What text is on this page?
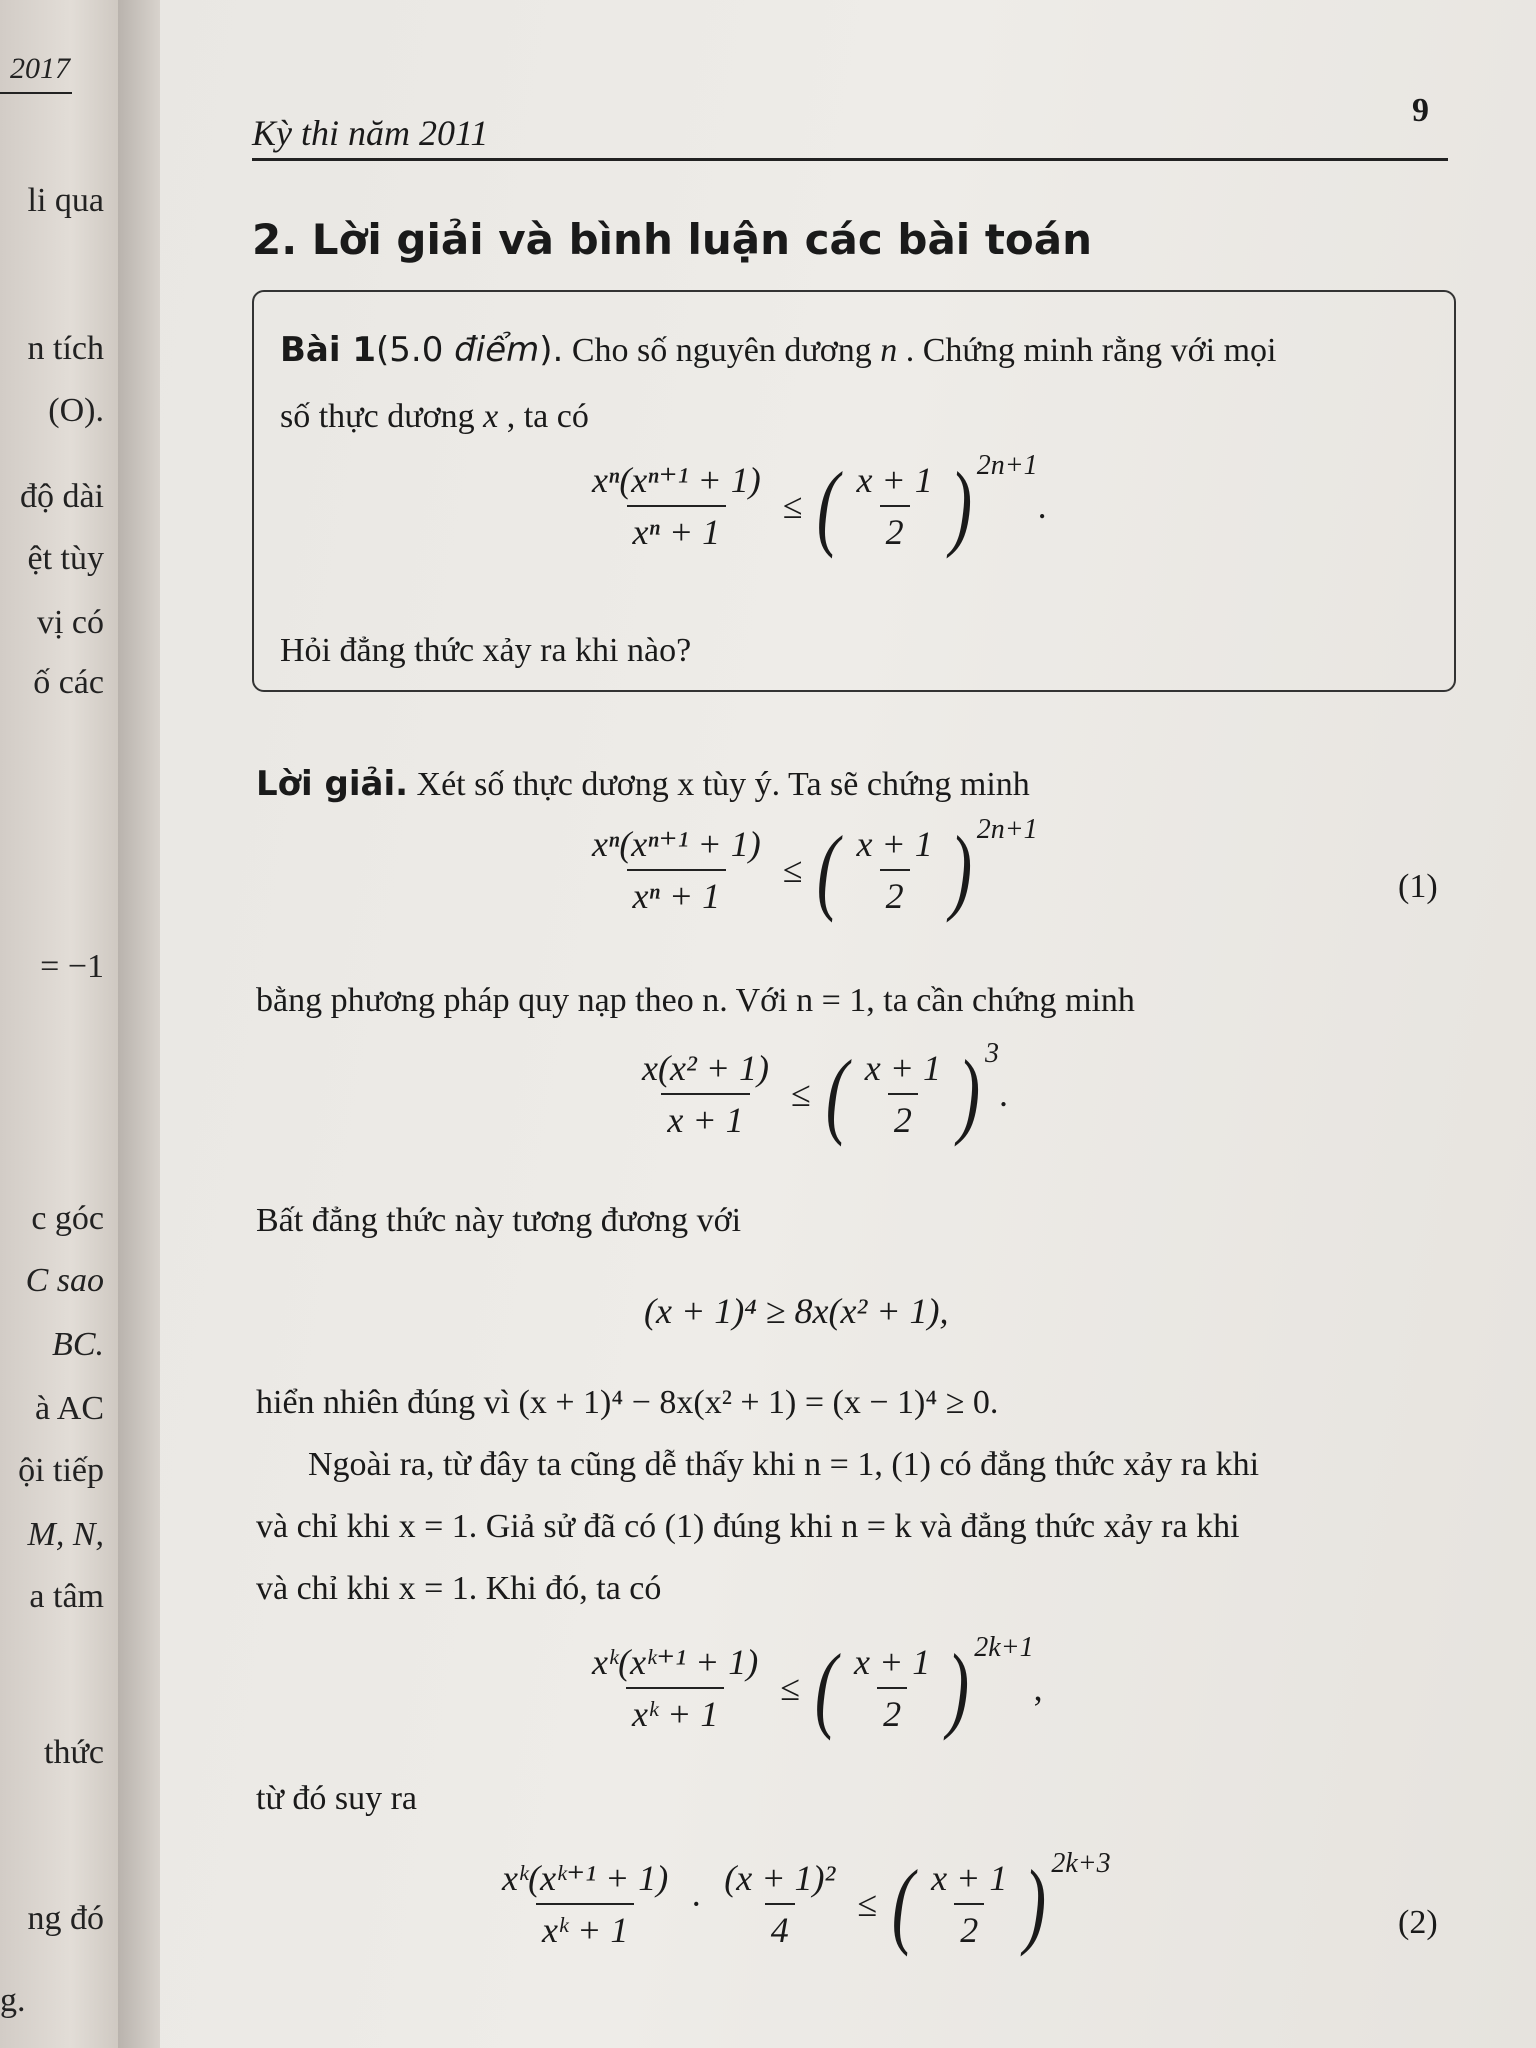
2017
li qua
n tích
(O).
độ dài
ệt tùy
vị có
ố các
= −1
c góc
C sao
BC.
à AC
ội tiếp
M, N,
a tâm
thức
ng đó
g.
Kỳ thi năm 2011
9
2. Lời giải và bình luận các bài toán
Bài 1(5.0 điểm). Cho số nguyên dương n . Chứng minh rằng với mọi
số thực dương x , ta có
$\frac{\text{xⁿ(xⁿ⁺¹ + 1)}}{\text{xⁿ + 1}}$ ≤ ( $\frac{x + 1}{2}$ ) 2n+1
.
Hỏi đẳng thức xảy ra khi nào?
Lời giải. Xét số thực dương x tùy ý. Ta sẽ chứng minh
$\frac{\text{xⁿ(xⁿ⁺¹ + 1)}}{\text{xⁿ + 1}}$ ≤ ( $\frac{x + 1}{2}$ ) 2n+1
(1)
bằng phương pháp quy nạp theo n. Với n = 1, ta cần chứng minh
$\frac{\text{x(x² + 1)}}{x + 1}$ ≤ ( $\frac{x + 1}{2}$ ) 3
.
Bất đẳng thức này tương đương với
(x + 1)⁴ ≥ 8x(x² + 1),
hiển nhiên đúng vì (x + 1)⁴ − 8x(x² + 1) = (x − 1)⁴ ≥ 0.
Ngoài ra, từ đây ta cũng dễ thấy khi n = 1, (1) có đẳng thức xảy ra khi
và chỉ khi x = 1. Giả sử đã có (1) đúng khi n = k và đẳng thức xảy ra khi
và chỉ khi x = 1. Khi đó, ta có
$\frac{\text{xᵏ(xᵏ⁺¹ + 1)}}{\text{xᵏ + 1}}$ ≤ ( $\frac{x + 1}{2}$ ) 2k+1
,
từ đó suy ra
$\frac{\text{xᵏ(xᵏ⁺¹ + 1)}}{\text{xᵏ + 1}} \cdot \frac{\text{(x + 1)²}}{4}$ ≤ ( $\frac{x + 1}{2}$ ) 2k+3
(2)
